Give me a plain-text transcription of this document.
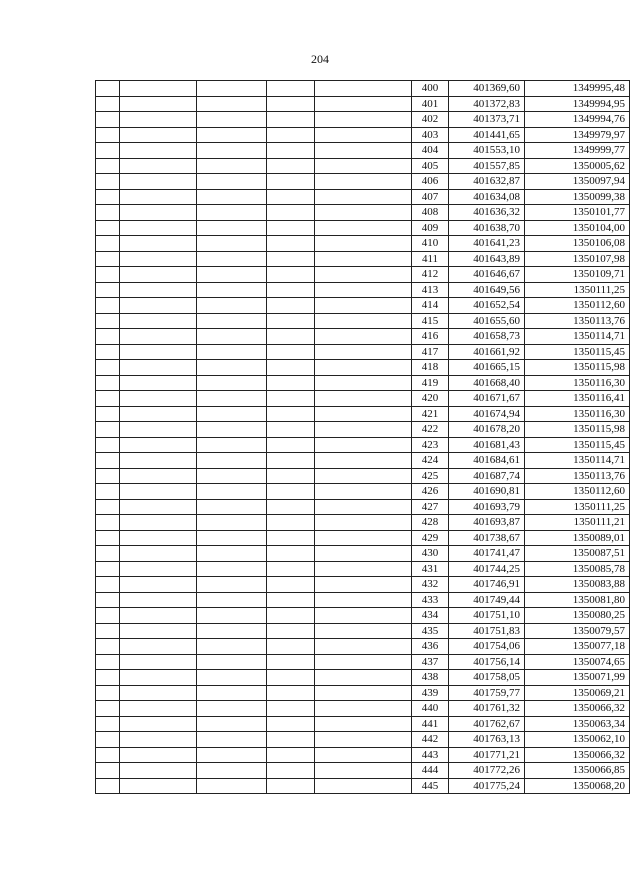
204
					400	401369,60	1349995,48
					401	401372,83	1349994,95
					402	401373,71	1349994,76
					403	401441,65	1349979,97
					404	401553,10	1349999,77
					405	401557,85	1350005,62
					406	401632,87	1350097,94
					407	401634,08	1350099,38
					408	401636,32	1350101,77
					409	401638,70	1350104,00
					410	401641,23	1350106,08
					411	401643,89	1350107,98
					412	401646,67	1350109,71
					413	401649,56	1350111,25
					414	401652,54	1350112,60
					415	401655,60	1350113,76
					416	401658,73	1350114,71
					417	401661,92	1350115,45
					418	401665,15	1350115,98
					419	401668,40	1350116,30
					420	401671,67	1350116,41
					421	401674,94	1350116,30
					422	401678,20	1350115,98
					423	401681,43	1350115,45
					424	401684,61	1350114,71
					425	401687,74	1350113,76
					426	401690,81	1350112,60
					427	401693,79	1350111,25
					428	401693,87	1350111,21
					429	401738,67	1350089,01
					430	401741,47	1350087,51
					431	401744,25	1350085,78
					432	401746,91	1350083,88
					433	401749,44	1350081,80
					434	401751,10	1350080,25
					435	401751,83	1350079,57
					436	401754,06	1350077,18
					437	401756,14	1350074,65
					438	401758,05	1350071,99
					439	401759,77	1350069,21
					440	401761,32	1350066,32
					441	401762,67	1350063,34
					442	401763,13	1350062,10
					443	401771,21	1350066,32
					444	401772,26	1350066,85
					445	401775,24	1350068,20
